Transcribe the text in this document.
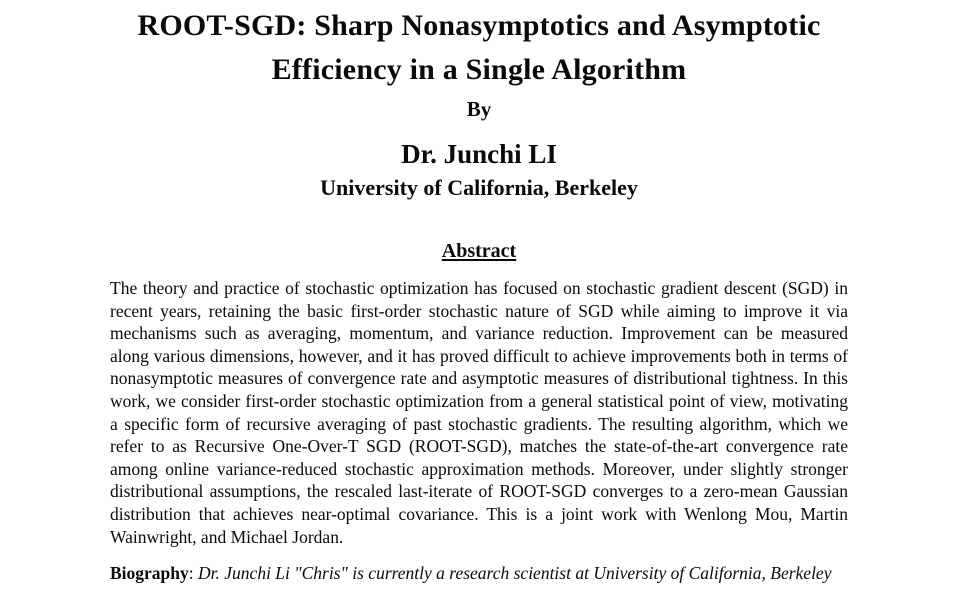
ROOT-SGD: Sharp Nonasymptotics and Asymptotic
Efficiency in a Single Algorithm

By

Dr. Junchi LI

University of California, Berkeley

Abstract

The theory and practice of stochastic optimization has focused on stochastic gradient descent (SGD) in recent years, retaining the basic first-order stochastic nature of SGD while aiming to improve it via mechanisms such as averaging, momentum, and variance reduction. Improvement can be measured along various dimensions, however, and it has proved difficult to achieve improvements both in terms of nonasymptotic measures of convergence rate and asymptotic measures of distributional tightness. In this work, we consider first-order stochastic optimization from a general statistical point of view, motivating a specific form of recursive averaging of past stochastic gradients. The resulting algorithm, which we refer to as Recursive One-Over-T SGD (ROOT-SGD), matches the state-of-the-art convergence rate among online variance-reduced stochastic approximation methods. Moreover, under slightly stronger distributional assumptions, the rescaled last-iterate of ROOT-SGD converges to a zero-mean Gaussian distribution that achieves near-optimal covariance. This is a joint work with Wenlong Mou, Martin Wainwright, and Michael Jordan.

Biography: Dr. Junchi Li "Chris" is currently a research scientist at University of California, Berkeley
